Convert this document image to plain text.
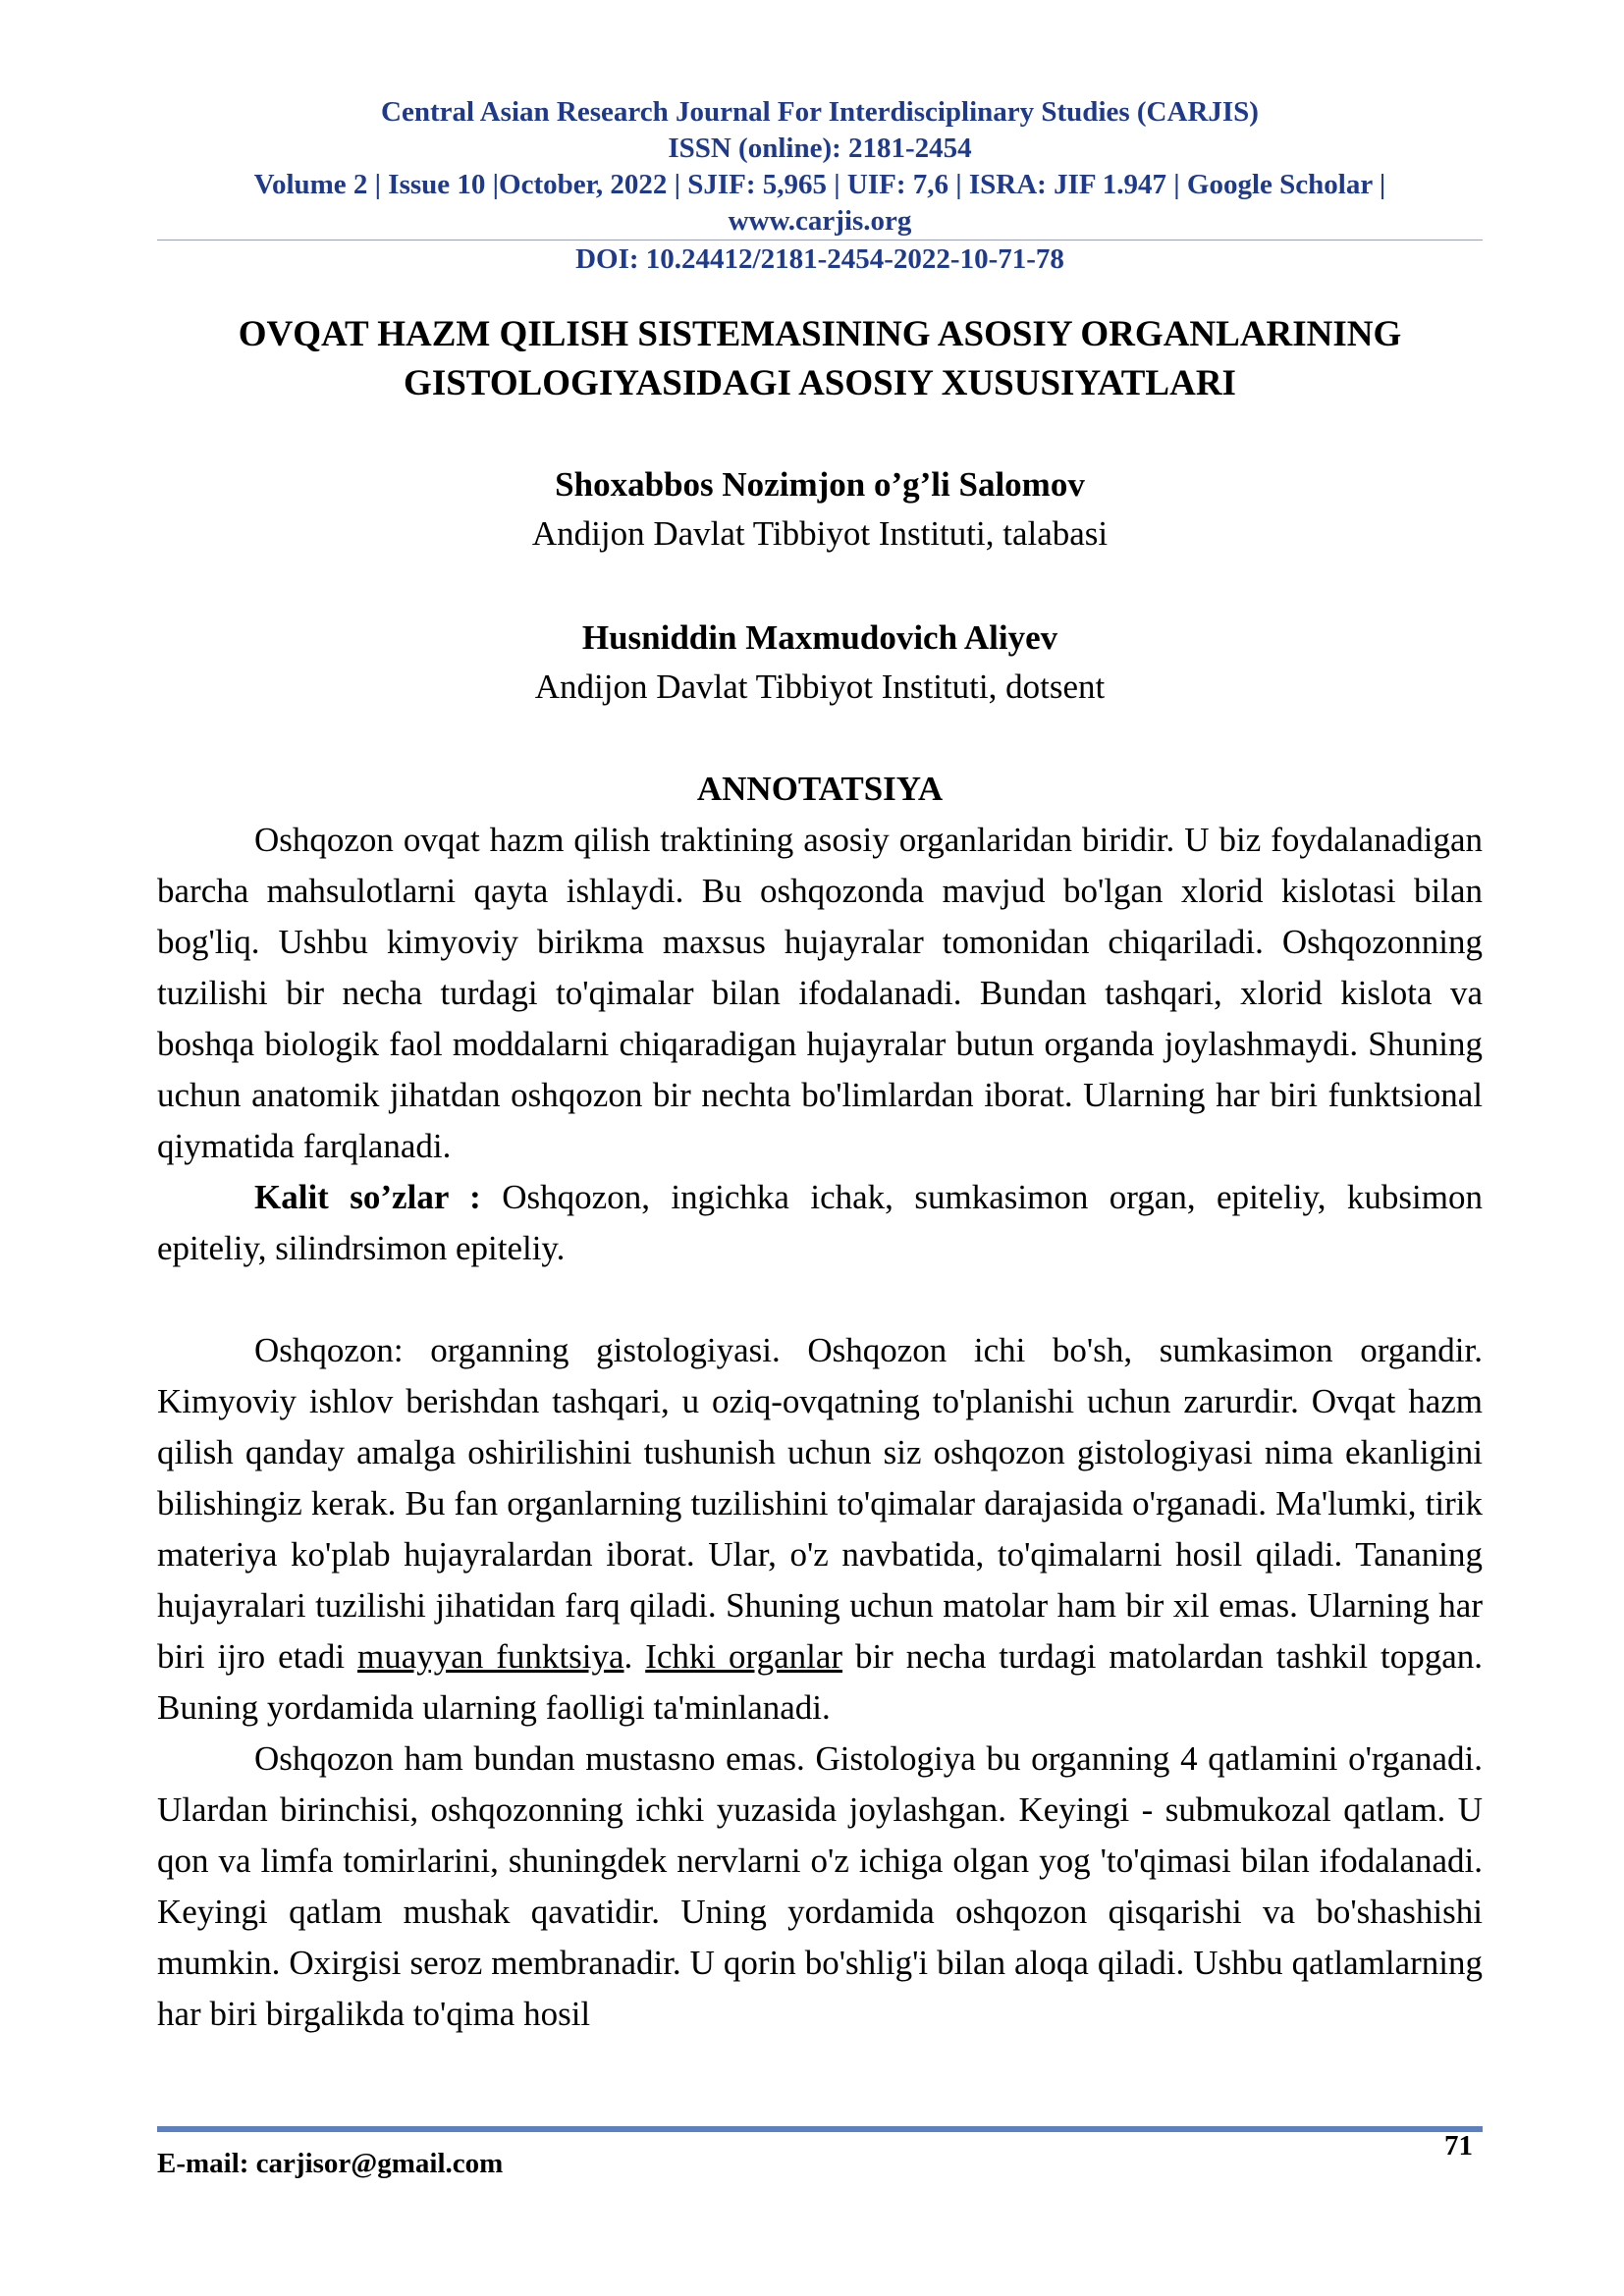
Central Asian Research Journal For Interdisciplinary Studies (CARJIS)
ISSN (online): 2181-2454
Volume 2 | Issue 10 |October, 2022 | SJIF: 5,965 | UIF: 7,6 | ISRA: JIF 1.947 | Google Scholar |
www.carjis.org
DOI: 10.24412/2181-2454-2022-10-71-78
OVQAT HAZM QILISH SISTEMASINING ASOSIY ORGANLARINING
GISTOLOGIYASIDAGI ASOSIY XUSUSIYATLARI
Shoxabbos Nozimjon o’g’li Salomov
Andijon Davlat Tibbiyot Instituti, talabasi
Husniddin Maxmudovich Aliyev
Andijon Davlat Tibbiyot Instituti, dotsent

ANNOTATSIYA

Oshqozon ovqat hazm qilish traktining asosiy organlaridan biridir. U biz foydalanadigan barcha mahsulotlarni qayta ishlaydi. Bu oshqozonda mavjud bo'lgan xlorid kislotasi bilan bog'liq. Ushbu kimyoviy birikma maxsus hujayralar tomonidan chiqariladi. Oshqozonning tuzilishi bir necha turdagi to'qimalar bilan ifodalanadi. Bundan tashqari, xlorid kislota va boshqa biologik faol moddalarni chiqaradigan hujayralar butun organda joylashmaydi. Shuning uchun anatomik jihatdan oshqozon bir nechta bo'limlardan iborat. Ularning har biri funktsional qiymatida farqlanadi.

Kalit so’zlar : Oshqozon, ingichka ichak, sumkasimon organ, epiteliy, kubsimon epiteliy, silindrsimon epiteliy.

Oshqozon: organning gistologiyasi. Oshqozon ichi bo'sh, sumkasimon organdir. Kimyoviy ishlov berishdan tashqari, u oziq-ovqatning to'planishi uchun zarurdir. Ovqat hazm qilish qanday amalga oshirilishini tushunish uchun siz oshqozon gistologiyasi nima ekanligini bilishingiz kerak. Bu fan organlarning tuzilishini to'qimalar darajasida o'rganadi. Ma'lumki, tirik materiya ko'plab hujayralardan iborat. Ular, o'z navbatida, to'qimalarni hosil qiladi. Tananing hujayralari tuzilishi jihatidan farq qiladi. Shuning uchun matolar ham bir xil emas. Ularning har biri ijro etadi muayyan funktsiya. Ichki organlar bir necha turdagi matolardan tashkil topgan. Buning yordamida ularning faolligi ta'minlanadi.

Oshqozon ham bundan mustasno emas. Gistologiya bu organning 4 qatlamini o'rganadi. Ulardan birinchisi, oshqozonning ichki yuzasida joylashgan. Keyingi - submukozal qatlam. U qon va limfa tomirlarini, shuningdek nervlarni o'z ichiga olgan yog 'to'qimasi bilan ifodalanadi. Keyingi qatlam mushak qavatidir. Uning yordamida oshqozon qisqarishi va bo'shashishi mumkin. Oxirgisi seroz membranadir. U qorin bo'shlig'i bilan aloqa qiladi. Ushbu qatlamlarning har biri birgalikda to'qima hosil

E-mail: carjisor@gmail.com
71
